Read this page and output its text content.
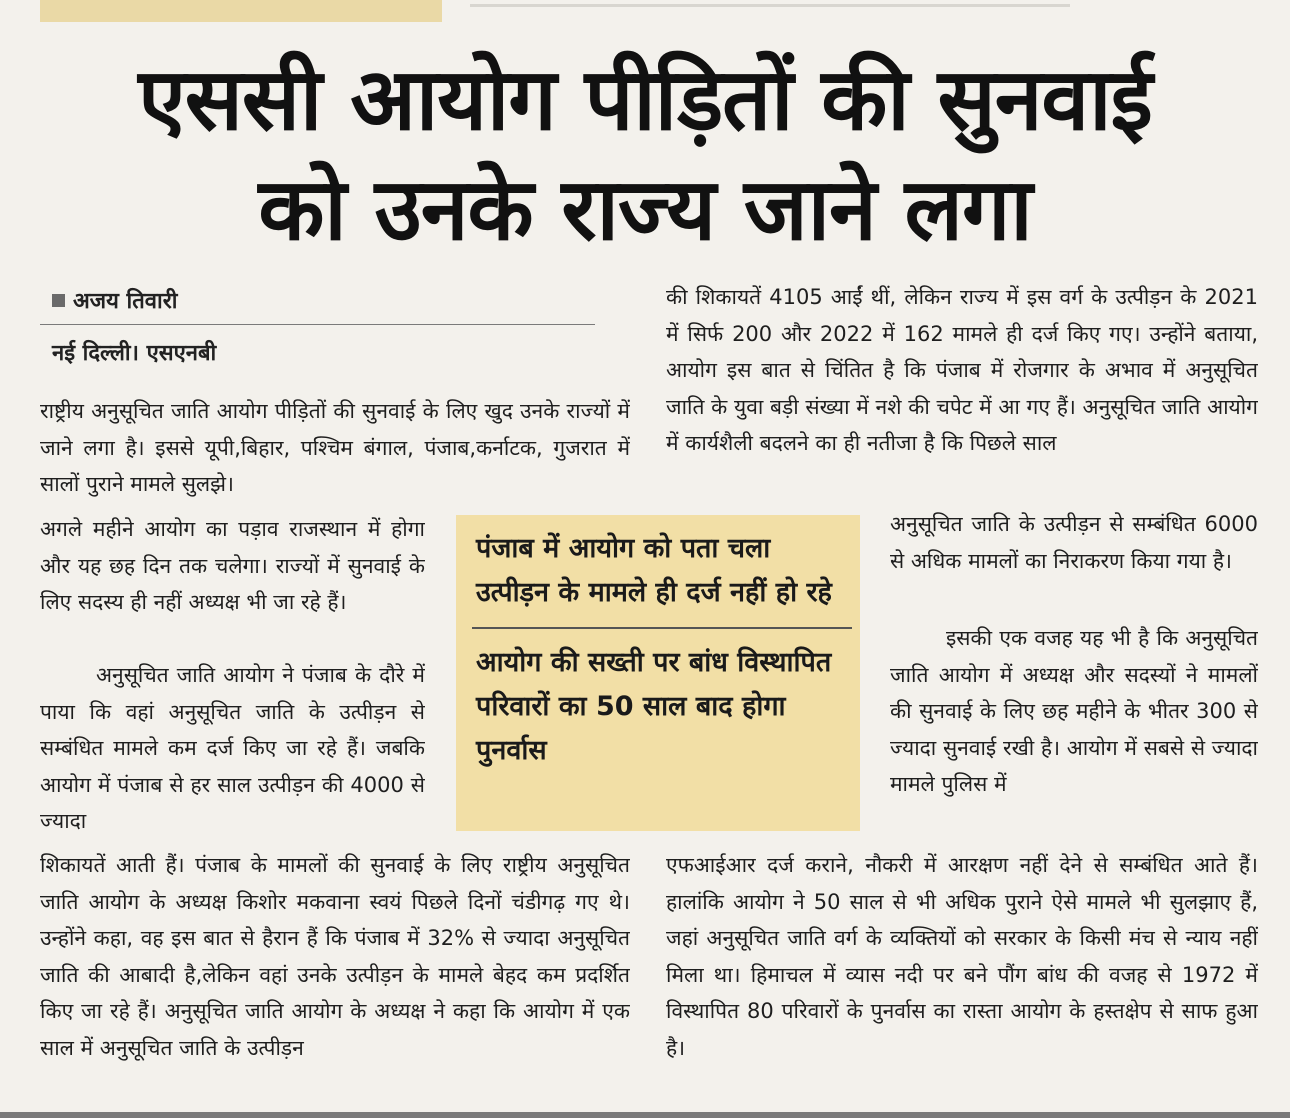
एससी आयोग पीड़ितों की सुनवाई
को उनके राज्य जाने लगा
अजय तिवारी
नई दिल्ली। एसएनबी

राष्ट्रीय अनुसूचित जाति आयोग पीड़ितों की सुनवाई के लिए खुद उनके राज्यों में जाने लगा है। इससे यूपी,बिहार, पश्चिम बंगाल, पंजाब,कर्नाटक, गुजरात में सालों पुराने मामले सुलझे।

अगले महीने आयोग का पड़ाव राजस्थान में होगा और यह छह दिन तक चलेगा। राज्यों में सुनवाई के लिए सदस्य ही नहीं अध्यक्ष भी जा रहे हैं।

अनुसूचित जाति आयोग ने पंजाब के दौरे में पाया कि वहां अनुसूचित जाति के उत्पीड़न से सम्बंधित मामले कम दर्ज किए जा रहे हैं। जबकि आयोग में पंजाब से हर साल उत्पीड़न की 4000 से ज्यादा

शिकायतें आती हैं। पंजाब के मामलों की सुनवाई के लिए राष्ट्रीय अनुसूचित जाति आयोग के अध्यक्ष किशोर मकवाना स्वयं पिछले दिनों चंडीगढ़ गए थे। उन्होंने कहा, वह इस बात से हैरान हैं कि पंजाब में 32% से ज्यादा अनुसूचित जाति की आबादी है,लेकिन वहां उनके उत्पीड़न के मामले बेहद कम प्रदर्शित किए जा रहे हैं। अनुसूचित जाति आयोग के अध्यक्ष ने कहा कि आयोग में एक साल में अनुसूचित जाति के उत्पीड़न

की शिकायतें 4105 आईं थीं, लेकिन राज्य में इस वर्ग के उत्पीड़न के 2021 में सिर्फ 200 और 2022 में 162 मामले ही दर्ज किए गए। उन्होंने बताया, आयोग इस बात से चिंतित है कि पंजाब में रोजगार के अभाव में अनुसूचित जाति के युवा बड़ी संख्या में नशे की चपेट में आ गए हैं। अनुसूचित जाति आयोग में कार्यशैली बदलने का ही नतीजा है कि पिछले साल

अनुसूचित जाति के उत्पीड़न से सम्बंधित 6000 से अधिक मामलों का निराकरण किया गया है।

इसकी एक वजह यह भी है कि अनुसूचित जाति आयोग में अध्यक्ष और सदस्यों ने मामलों की सुनवाई के लिए छह महीने के भीतर 300 से ज्यादा सुनवाई रखी है। आयोग में सबसे से ज्यादा मामले पुलिस में

एफआईआर दर्ज कराने, नौकरी में आरक्षण नहीं देने से सम्बंधित आते हैं। हालांकि आयोग ने 50 साल से भी अधिक पुराने ऐसे मामले भी सुलझाए हैं, जहां अनुसूचित जाति वर्ग के व्यक्तियों को सरकार के किसी मंच से न्याय नहीं मिला था। हिमाचल में व्यास नदी पर बने पौंग बांध की वजह से 1972 में विस्थापित 80 परिवारों के पुनर्वास का रास्ता आयोग के हस्तक्षेप से साफ हुआ है।

पंजाब में आयोग को पता चला उत्पीड़न के मामले ही दर्ज नहीं हो रहे

आयोग की सख्ती पर बांध विस्थापित परिवारों का 50 साल बाद होगा पुनर्वास
